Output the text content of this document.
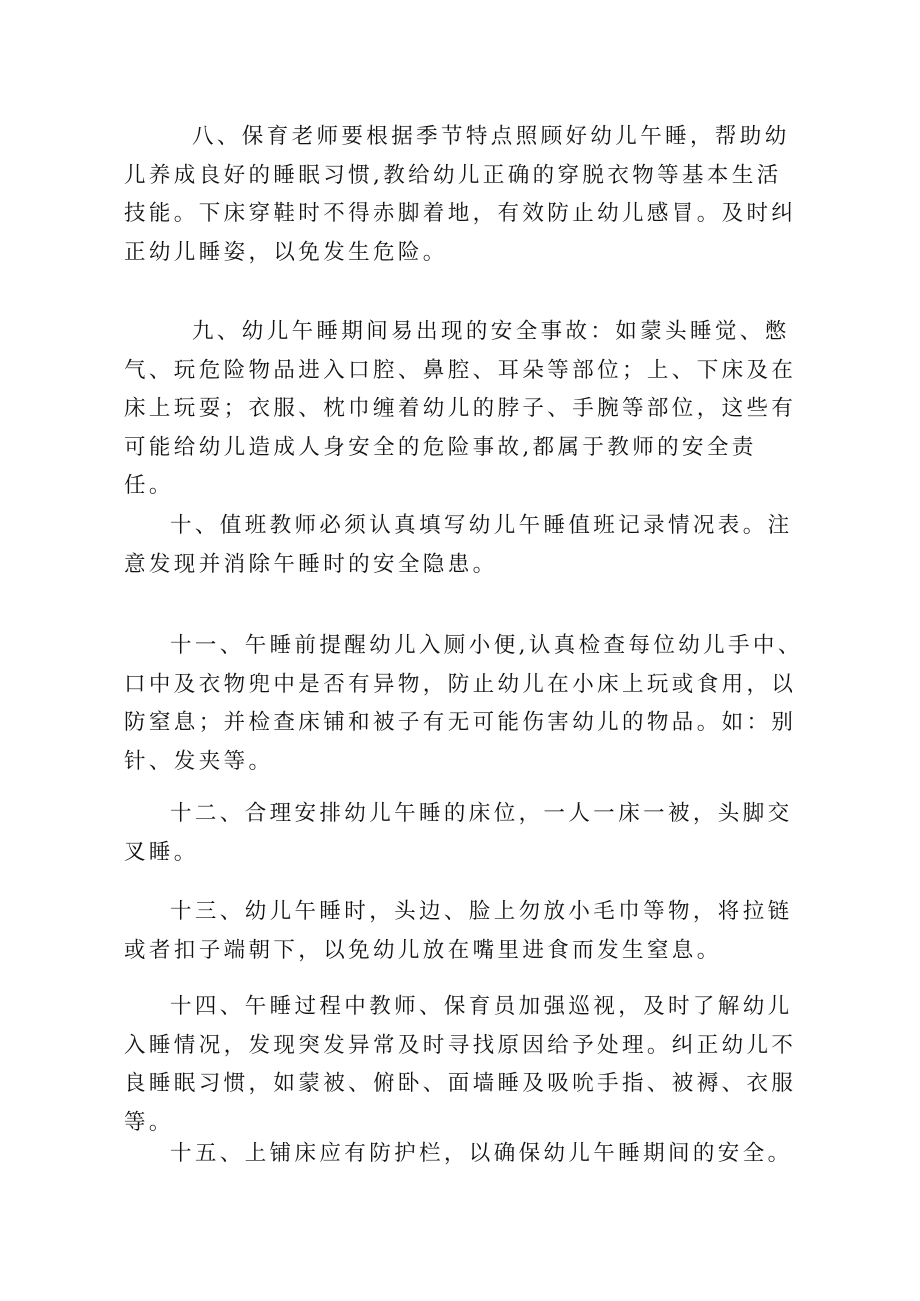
八、保育老师要根据季节特点照顾好幼儿午睡，帮助幼儿养成良好的睡眠习惯,教给幼儿正确的穿脱衣物等基本生活技能。下床穿鞋时不得赤脚着地，有效防止幼儿感冒。及时纠正幼儿睡姿，以免发生危险。

九、幼儿午睡期间易出现的安全事故：如蒙头睡觉、憋气、玩危险物品进入口腔、鼻腔、耳朵等部位；上、下床及在床上玩耍；衣服、枕巾缠着幼儿的脖子、手腕等部位，这些有可能给幼儿造成人身安全的危险事故,都属于教师的安全责任。

十、值班教师必须认真填写幼儿午睡值班记录情况表。注意发现并消除午睡时的安全隐患。

十一、午睡前提醒幼儿入厕小便,认真检查每位幼儿手中、口中及衣物兜中是否有异物，防止幼儿在小床上玩或食用，以防窒息；并检查床铺和被子有无可能伤害幼儿的物品。如：别针、发夹等。

十二、合理安排幼儿午睡的床位，一人一床一被，头脚交叉睡。

十三、幼儿午睡时，头边、脸上勿放小毛巾等物，将拉链或者扣子端朝下，以免幼儿放在嘴里进食而发生窒息。

十四、午睡过程中教师、保育员加强巡视，及时了解幼儿入睡情况，发现突发异常及时寻找原因给予处理。纠正幼儿不良睡眠习惯，如蒙被、俯卧、面墙睡及吸吮手指、被褥、衣服等。

十五、上铺床应有防护栏，以确保幼儿午睡期间的安全。
